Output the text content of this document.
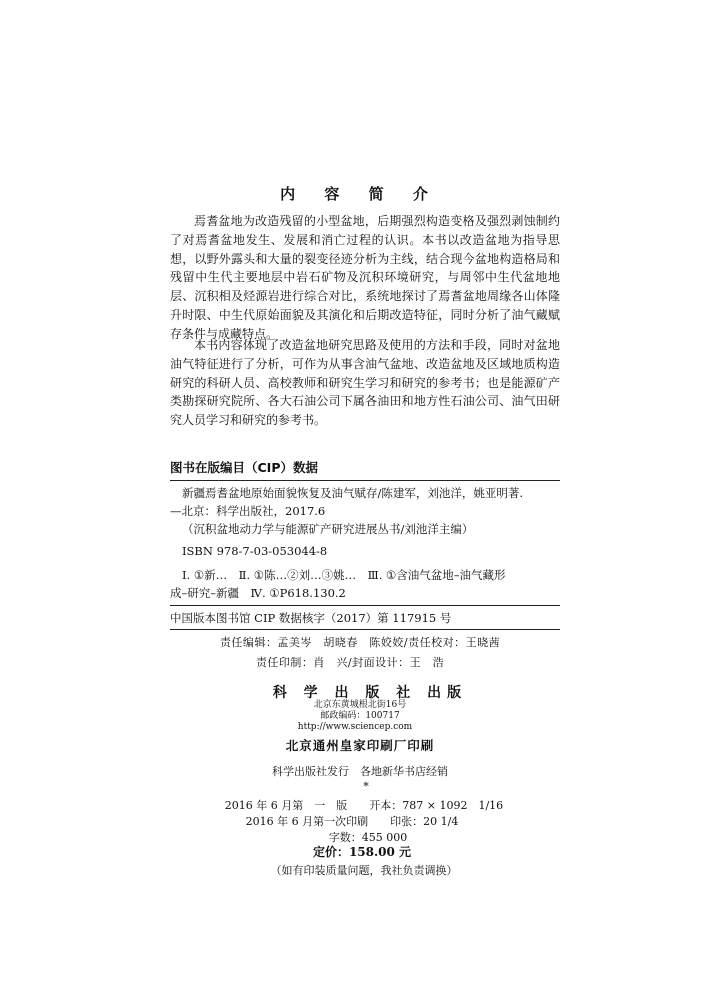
内 容 简 介

焉耆盆地为改造残留的小型盆地，后期强烈构造变格及强烈剥蚀制约了对焉耆盆地发生、发展和消亡过程的认识。本书以改造盆地为指导思想，以野外露头和大量的裂变径迹分析为主线，结合现今盆地构造格局和残留中生代主要地层中岩石矿物及沉积环境研究，与周邻中生代盆地地层、沉积相及烃源岩进行综合对比，系统地探讨了焉耆盆地周缘各山体隆升时限、中生代原始面貌及其演化和后期改造特征，同时分析了油气藏赋存条件与成藏特点。

本书内容体现了改造盆地研究思路及使用的方法和手段，同时对盆地油气特征进行了分析，可作为从事含油气盆地、改造盆地及区域地质构造研究的科研人员、高校教师和研究生学习和研究的参考书；也是能源矿产类勘探研究院所、各大石油公司下属各油田和地方性石油公司、油气田研究人员学习和研究的参考书。

图书在版编目（CIP）数据
新疆焉耆盆地原始面貌恢复及油气赋存/陈建军，刘池洋，姚亚明著.
—北京：科学出版社，2017.6
（沉积盆地动力学与能源矿产研究进展丛书/刘池洋主编）
ISBN 978-7-03-053044-8
Ⅰ. ①新…　Ⅱ. ①陈…②刘…③姚…　Ⅲ. ①含油气盆地–油气藏形
成–研究–新疆　Ⅳ. ①P618.130.2
中国版本图书馆 CIP 数据核字（2017）第 117915 号
责任编辑：孟美岑　胡晓春　陈姣姣/责任校对：王晓茜
责任印制：肖　兴/封面设计：王　浩
科 学 出 版 社 出版
北京东黄城根北街16号
邮政编码：100717
http://www.sciencep.com
北京通州皇家印刷厂印刷
科学出版社发行　各地新华书店经销
*
2016 年 6 月第　一　版　　开本：787 × 1092　1/16
2016 年 6 月第一次印刷　　印张：20 1/4
字数：455 000
定价：158.00 元
（如有印装质量问题，我社负责调换）
